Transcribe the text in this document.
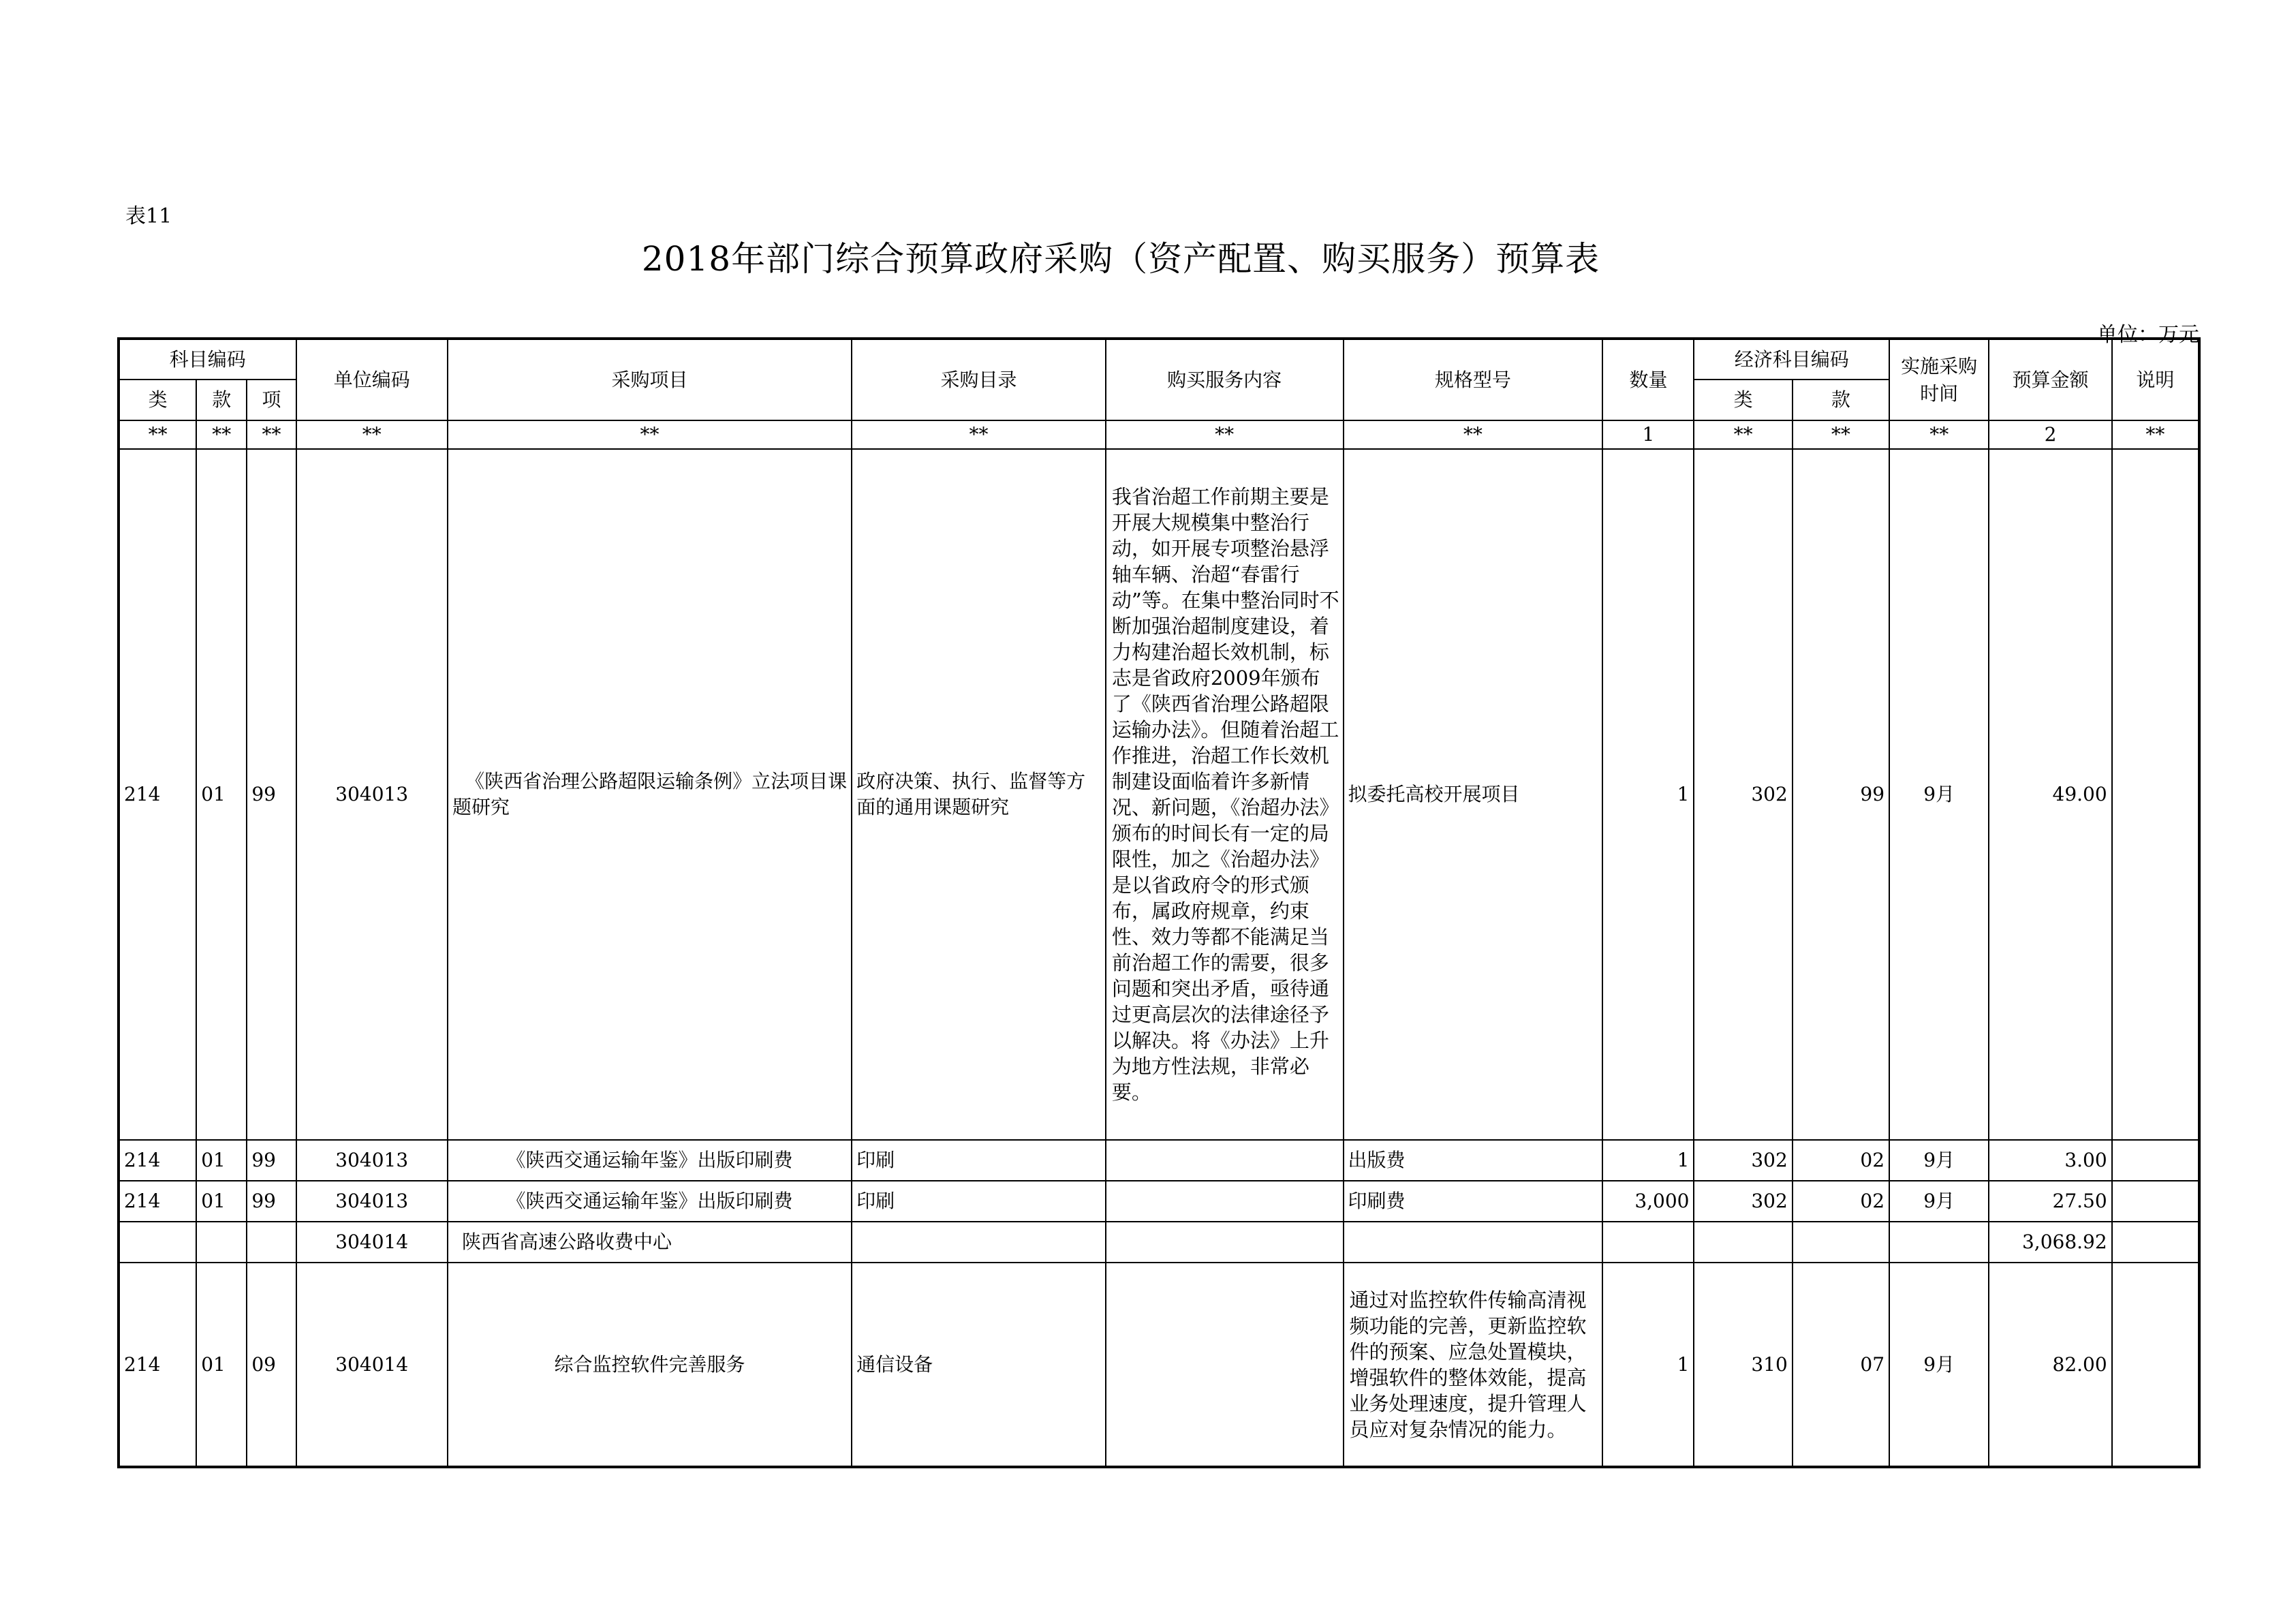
表11
2018年部门综合预算政府采购（资产配置、购买服务）预算表
单位：万元
科目编码			单位编码	采购项目	采购目录	购买服务内容	规格型号	数量	经济科目编码		实施采购时间	预算金额	说明
类	款	项							类	款			
**	**	**	**	**	**	**	**	1	**	**	**	2	**
214	01	99	304013	《陕西省治理公路超限运输条例》立法项目课题研究	政府决策、执行、监督等方面的通用课题研究	我省治超工作前期主要是开展大规模集中整治行动，如开展专项整治悬浮轴车辆、治超“春雷行动”等。在集中整治同时不断加强治超制度建设，着力构建治超长效机制，标志是省政府2009年颁布了《陕西省治理公路超限运输办法》。但随着治超工作推进，治超工作长效机制建设面临着许多新情况、新问题，《治超办法》颁布的时间长有一定的局限性，加之《治超办法》是以省政府令的形式颁布，属政府规章，约束性、效力等都不能满足当前治超工作的需要，很多问题和突出矛盾，亟待通过更高层次的法律途径予以解决。将《办法》上升为地方性法规，非常必要。	拟委托高校开展项目	1	302	99	9月	49.00	
214	01	99	304013	《陕西交通运输年鉴》出版印刷费	印刷		出版费	1	302	02	9月	3.00	
214	01	99	304013	《陕西交通运输年鉴》出版印刷费	印刷		印刷费	3,000	302	02	9月	27.50	
			304014	陕西省高速公路收费中心								3,068.92	
214	01	09	304014	综合监控软件完善服务	通信设备		通过对监控软件传输高清视频功能的完善，更新监控软件的预案、应急处置模块，增强软件的整体效能，提高业务处理速度，提升管理人员应对复杂情况的能力。	1	310	07	9月	82.00	
